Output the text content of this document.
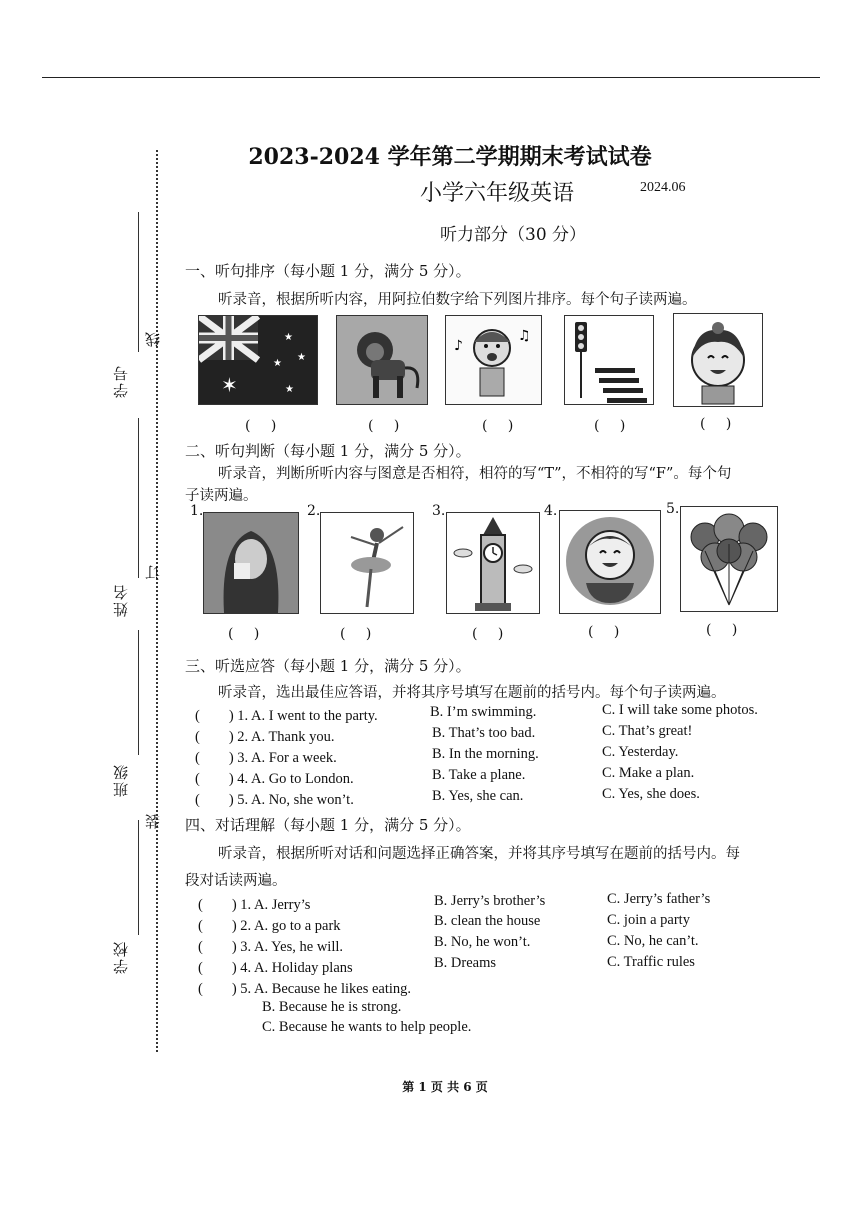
学号
线
姓名
订
班级
装
学校
2023-2024 学年第二学期期末考试试卷
小学六年级英语	2024.06
听力部分（30 分）
一、听句排序（每小题 1 分，满分 5 分）。
听录音，根据所听内容，用阿拉伯数字给下列图片排序。每个句子读两遍。
✶
★
★
★
★
♪
♫
( )	( )	( )	( )	( )
二、听句判断（每小题 1 分，满分 5 分）。
听录音，判断所听内容与图意是否相符，相符的写“T”，不相符的写“F”。每个句
子读两遍。
1.	2.	3.	4.	5.
( )	( )	( )	( )	( )
三、听选应答（每小题 1 分，满分 5 分）。
听录音，选出最佳应答语，并将其序号填写在题前的括号内。每个句子读两遍。
(　　) 1. A. I went to the party.	B. I’m swimming.	C. I will take some photos.
(　　) 2. A. Thank you.	B. That’s too bad.	C. That’s great!
(　　) 3. A. For a week.	B. In the morning.	C. Yesterday.
(　　) 4. A. Go to London.	B. Take a plane.	C. Make a plan.
(　　) 5. A. No, she won’t.	B. Yes, she can.	C. Yes, she does.
四、对话理解（每小题 1 分，满分 5 分）。
听录音，根据所听对话和问题选择正确答案，并将其序号填写在题前的括号内。每
段对话读两遍。
(　　) 1. A. Jerry’s	B. Jerry’s brother’s	C. Jerry’s father’s
(　　) 2. A. go to a park	B. clean the house	C. join a party
(　　) 3. A. Yes, he will.	B. No, he won’t.	C. No, he can’t.
(　　) 4. A. Holiday plans	B. Dreams	C. Traffic rules
(　　) 5. A. Because he likes eating.
B. Because he is strong.
C. Because he wants to help people.
第 1 页 共 6 页
